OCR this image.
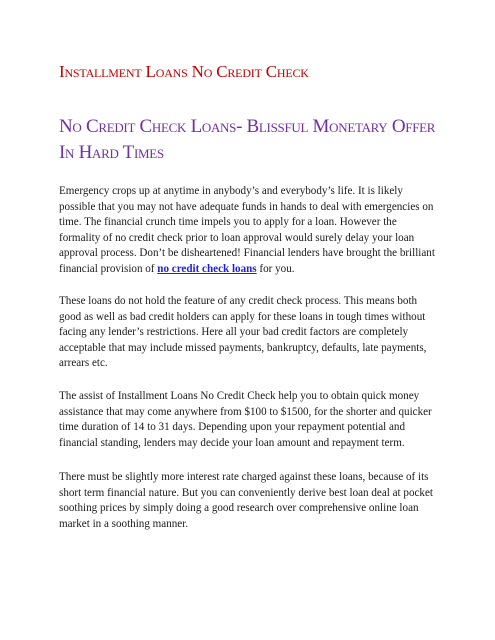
Installment Loans No Credit Check
No Credit Check Loans- Blissful Monetary Offer In Hard Times

Emergency crops up at anytime in anybody’s and everybody’s life. It is likely possible that you may not have adequate funds in hands to deal with emergencies on time. The financial crunch time impels you to apply for a loan. However the formality of no credit check prior to loan approval would surely delay your loan approval process. Don’t be disheartened! Financial lenders have brought the brilliant financial provision of no credit check loans for you.

These loans do not hold the feature of any credit check process. This means both good as well as bad credit holders can apply for these loans in tough times without facing any lender’s restrictions. Here all your bad credit factors are completely acceptable that may include missed payments, bankruptcy, defaults, late payments, arrears etc.

The assist of Installment Loans No Credit Check help you to obtain quick money assistance that may come anywhere from $100 to $1500, for the shorter and quicker time duration of 14 to 31 days. Depending upon your repayment potential and financial standing, lenders may decide your loan amount and repayment term.

There must be slightly more interest rate charged against these loans, because of its short term financial nature. But you can conveniently derive best loan deal at pocket soothing prices by simply doing a good research over comprehensive online loan market in a soothing manner.
